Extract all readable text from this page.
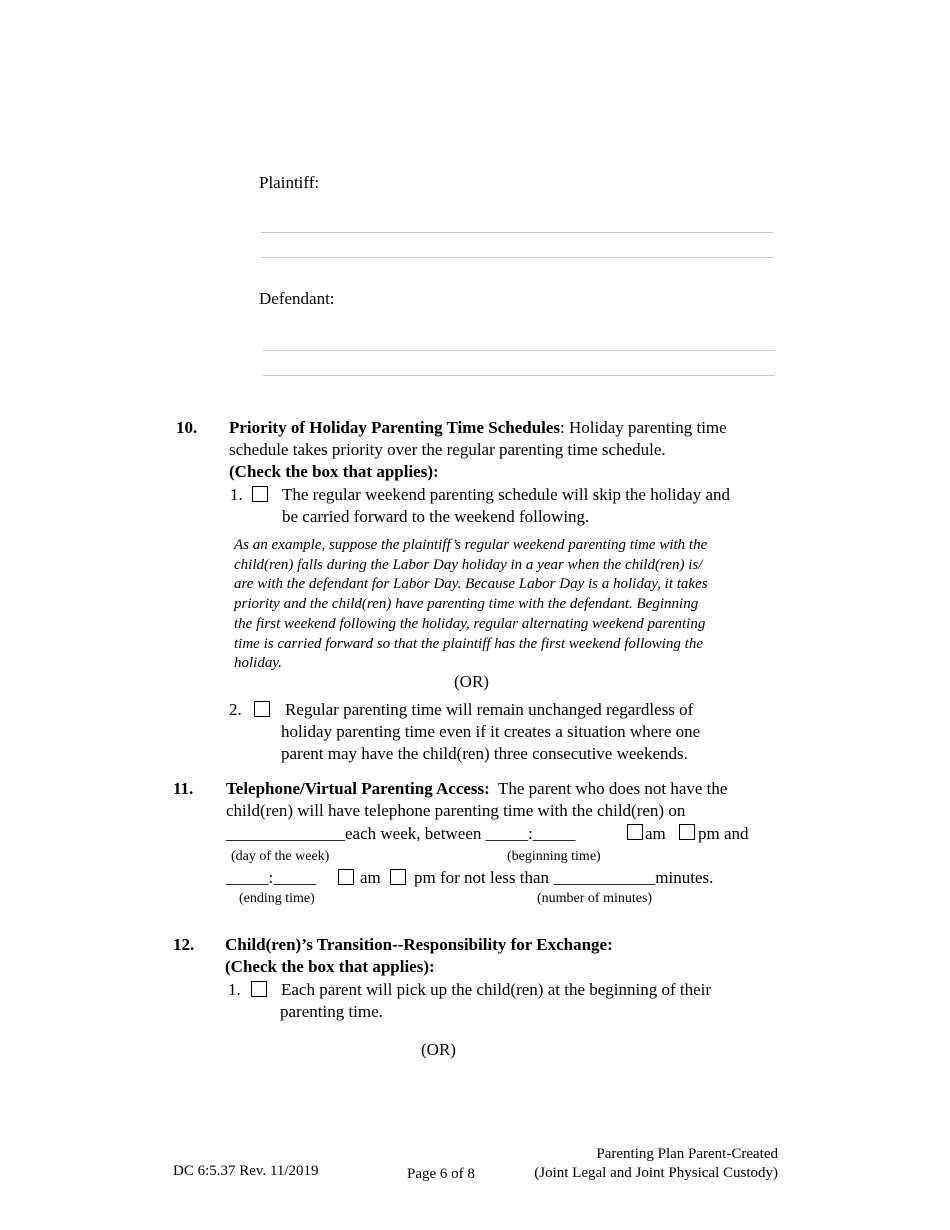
Plaintiff:
Defendant:
10. Priority of Holiday Parenting Time Schedules: Holiday parenting time
schedule takes priority over the regular parenting time schedule.
(Check the box that applies):
1. The regular weekend parenting schedule will skip the holiday and
be carried forward to the weekend following.
As an example, suppose the plaintiff’s regular weekend parenting time with the
child(ren) falls during the Labor Day holiday in a year when the child(ren) is/
are with the defendant for Labor Day. Because Labor Day is a holiday, it takes
priority and the child(ren) have parenting time with the defendant. Beginning
the first weekend following the holiday, regular alternating weekend parenting
time is carried forward so that the plaintiff has the first weekend following the
holiday.
(OR)
2.	Regular parenting time will remain unchanged regardless of
holiday parenting time even if it creates a situation where one
parent may have the child(ren) three consecutive weekends.
11. Telephone/Virtual Parenting Access:  The parent who does not have the
child(ren) will have telephone parenting time with the child(ren) on
______________each week, between _____:_____	am pm and
(day of the week)	(beginning time)
_____:_____	am pm for not less than ____________minutes.
(ending time)	(number of minutes)
12. Child(ren)’s Transition--Responsibility for Exchange:
(Check the box that applies):
1. Each parent will pick up the child(ren) at the beginning of their
parenting time.
(OR)
DC 6:5.37 Rev. 11/2019	Page 6 of 8
Parenting Plan Parent-Created
(Joint Legal and Joint Physical Custody)
